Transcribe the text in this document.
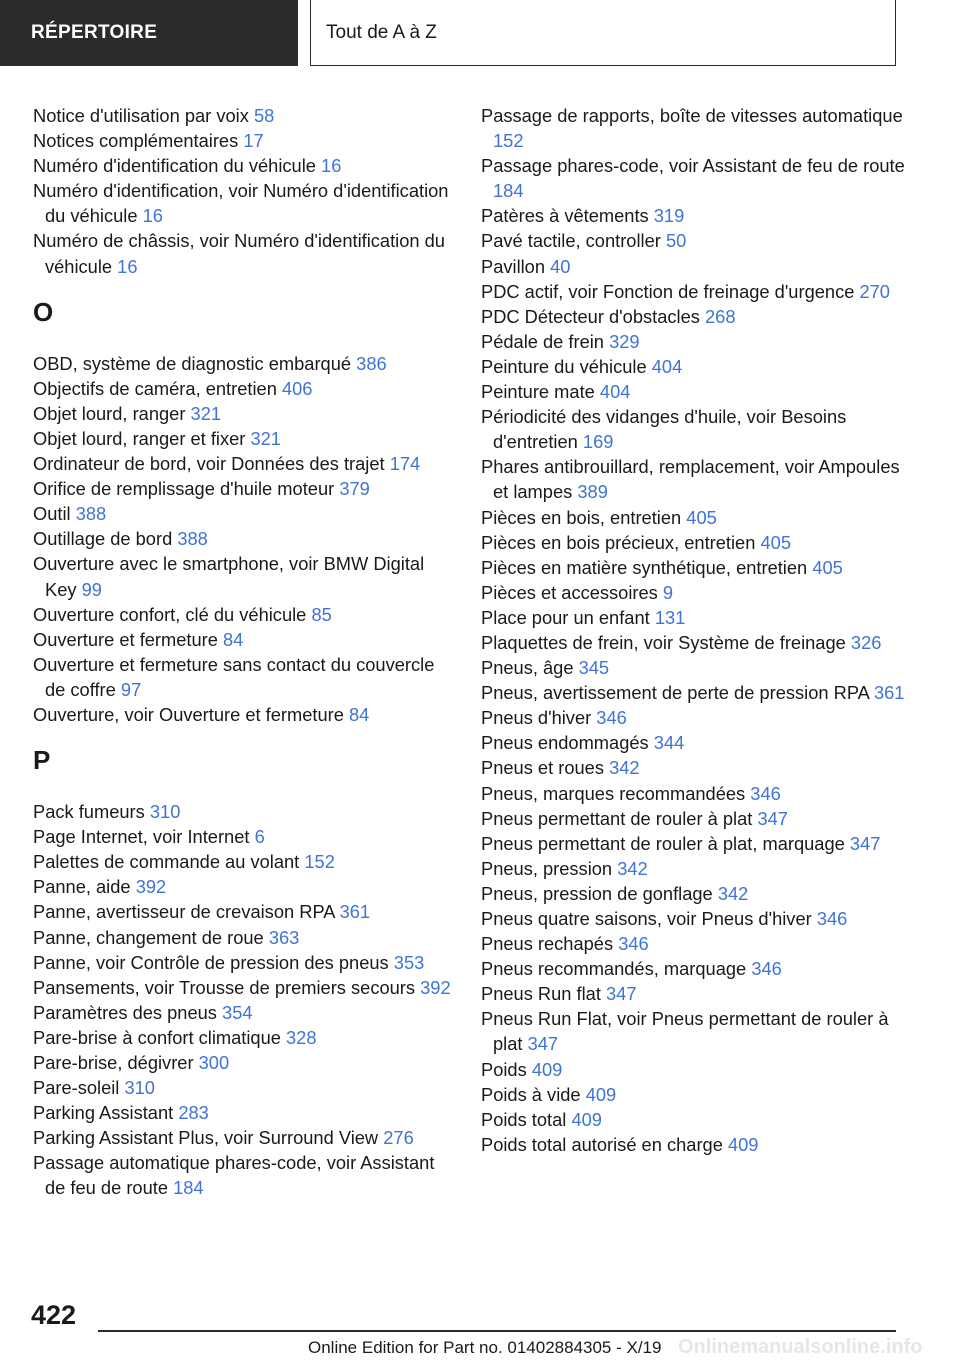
RÉPERTOIRE	Tout de A à Z
Notice d'utilisation par voix 58
Notices complémentaires 17
Numéro d'identification du véhicule 16
Numéro d'identification, voir Numéro d'identification du véhicule 16
Numéro de châssis, voir Numéro d'identification du véhicule 16
O
OBD, système de diagnostic embarqué 386
Objectifs de caméra, entretien 406
Objet lourd, ranger 321
Objet lourd, ranger et fixer 321
Ordinateur de bord, voir Données des trajet 174
Orifice de remplissage d'huile moteur 379
Outil 388
Outillage de bord 388
Ouverture avec le smartphone, voir BMW Digital Key 99
Ouverture confort, clé du véhicule 85
Ouverture et fermeture 84
Ouverture et fermeture sans contact du couvercle de coffre 97
Ouverture, voir Ouverture et fermeture 84
P
Pack fumeurs 310
Page Internet, voir Internet 6
Palettes de commande au volant 152
Panne, aide 392
Panne, avertisseur de crevaison RPA 361
Panne, changement de roue 363
Panne, voir Contrôle de pression des pneus 353
Pansements, voir Trousse de premiers secours 392
Paramètres des pneus 354
Pare-brise à confort climatique 328
Pare-brise, dégivrer 300
Pare-soleil 310
Parking Assistant 283
Parking Assistant Plus, voir Surround View 276
Passage automatique phares-code, voir Assistant de feu de route 184
Passage de rapports, boîte de vitesses automatique 152
Passage phares-code, voir Assistant de feu de route 184
Patères à vêtements 319
Pavé tactile, controller 50
Pavillon 40
PDC actif, voir Fonction de freinage d'urgence 270
PDC Détecteur d'obstacles 268
Pédale de frein 329
Peinture du véhicule 404
Peinture mate 404
Périodicité des vidanges d'huile, voir Besoins d'entretien 169
Phares antibrouillard, remplacement, voir Ampoules et lampes 389
Pièces en bois, entretien 405
Pièces en bois précieux, entretien 405
Pièces en matière synthétique, entretien 405
Pièces et accessoires 9
Place pour un enfant 131
Plaquettes de frein, voir Système de freinage 326
Pneus, âge 345
Pneus, avertissement de perte de pression RPA 361
Pneus d'hiver 346
Pneus endommagés 344
Pneus et roues 342
Pneus, marques recommandées 346
Pneus permettant de rouler à plat 347
Pneus permettant de rouler à plat, marquage 347
Pneus, pression 342
Pneus, pression de gonflage 342
Pneus quatre saisons, voir Pneus d'hiver 346
Pneus rechapés 346
Pneus recommandés, marquage 346
Pneus Run flat 347
Pneus Run Flat, voir Pneus permettant de rouler à plat 347
Poids 409
Poids à vide 409
Poids total 409
Poids total autorisé en charge 409
422
Online Edition for Part no. 01402884305 - X/19 Onlinemanualsonline.info
